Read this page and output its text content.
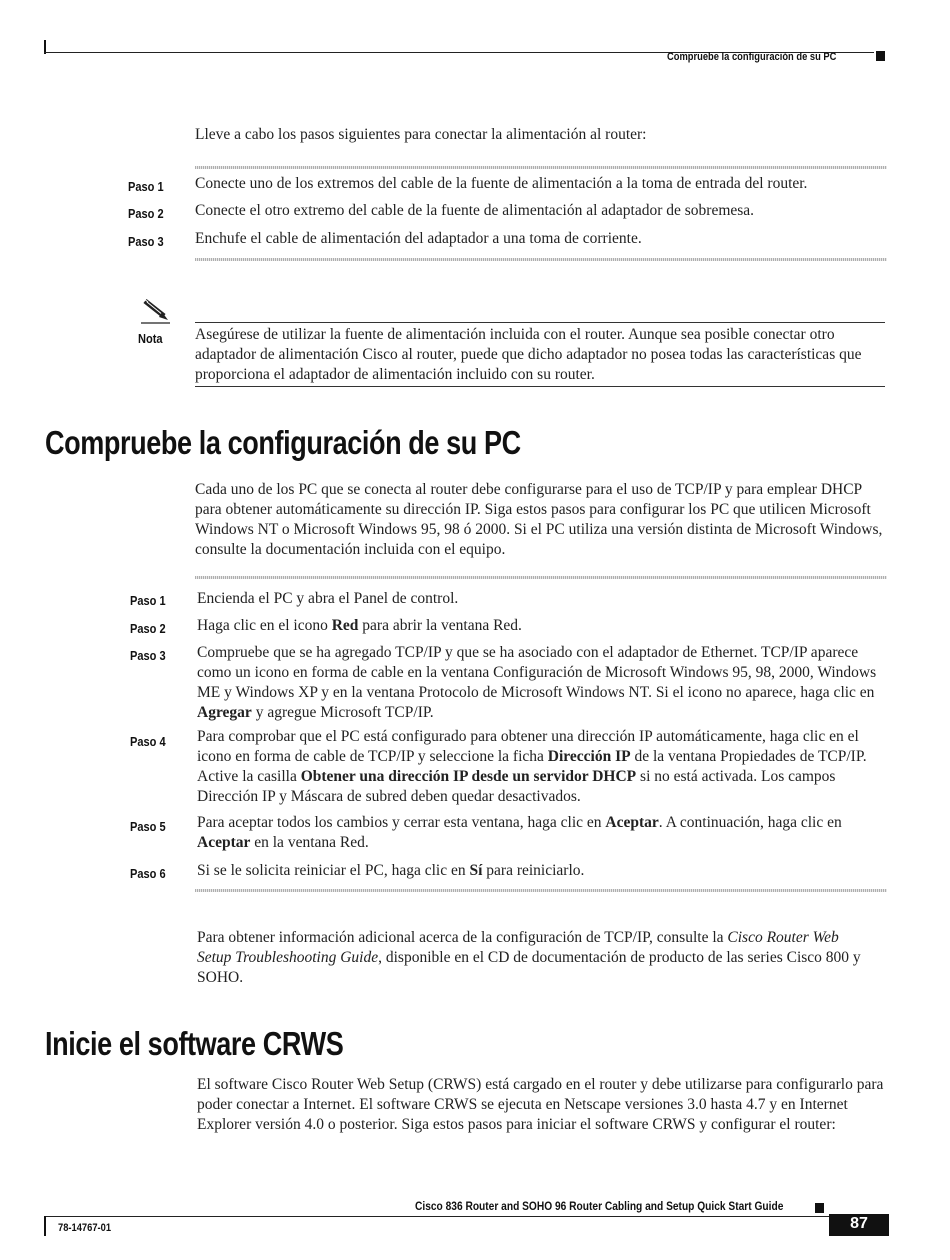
Compruebe la configuración de su PC
Lleve a cabo los pasos siguientes para conectar la alimentación al router:
Paso 1 Conecte uno de los extremos del cable de la fuente de alimentación a la toma de entrada del router.
Paso 2 Conecte el otro extremo del cable de la fuente de alimentación al adaptador de sobremesa.
Paso 3 Enchufe el cable de alimentación del adaptador a una toma de corriente.
Nota Asegúrese de utilizar la fuente de alimentación incluida con el router. Aunque sea posible conectar otro adaptador de alimentación Cisco al router, puede que dicho adaptador no posea todas las características que proporciona el adaptador de alimentación incluido con su router.
Compruebe la configuración de su PC
Cada uno de los PC que se conecta al router debe configurarse para el uso de TCP/IP y para emplear DHCP para obtener automáticamente su dirección IP. Siga estos pasos para configurar los PC que utilicen Microsoft Windows NT o Microsoft Windows 95, 98 ó 2000. Si el PC utiliza una versión distinta de Microsoft Windows, consulte la documentación incluida con el equipo.
Paso 1 Encienda el PC y abra el Panel de control.
Paso 2 Haga clic en el icono Red para abrir la ventana Red.
Paso 3 Compruebe que se ha agregado TCP/IP y que se ha asociado con el adaptador de Ethernet. TCP/IP aparece como un icono en forma de cable en la ventana Configuración de Microsoft Windows 95, 98, 2000, Windows ME y Windows XP y en la ventana Protocolo de Microsoft Windows NT. Si el icono no aparece, haga clic en Agregar y agregue Microsoft TCP/IP.
Paso 4 Para comprobar que el PC está configurado para obtener una dirección IP automáticamente, haga clic en el icono en forma de cable de TCP/IP y seleccione la ficha Dirección IP de la ventana Propiedades de TCP/IP. Active la casilla Obtener una dirección IP desde un servidor DHCP si no está activada. Los campos Dirección IP y Máscara de subred deben quedar desactivados.
Paso 5 Para aceptar todos los cambios y cerrar esta ventana, haga clic en Aceptar. A continuación, haga clic en Aceptar en la ventana Red.
Paso 6 Si se le solicita reiniciar el PC, haga clic en Sí para reiniciarlo.
Para obtener información adicional acerca de la configuración de TCP/IP, consulte la Cisco Router Web Setup Troubleshooting Guide, disponible en el CD de documentación de producto de las series Cisco 800 y SOHO.
Inicie el software CRWS
El software Cisco Router Web Setup (CRWS) está cargado en el router y debe utilizarse para configurarlo para poder conectar a Internet. El software CRWS se ejecuta en Netscape versiones 3.0 hasta 4.7 y en Internet Explorer versión 4.0 o posterior. Siga estos pasos para iniciar el software CRWS y configurar el router:
Cisco 836 Router and SOHO 96 Router Cabling and Setup Quick Start Guide
78-14767-01	87
